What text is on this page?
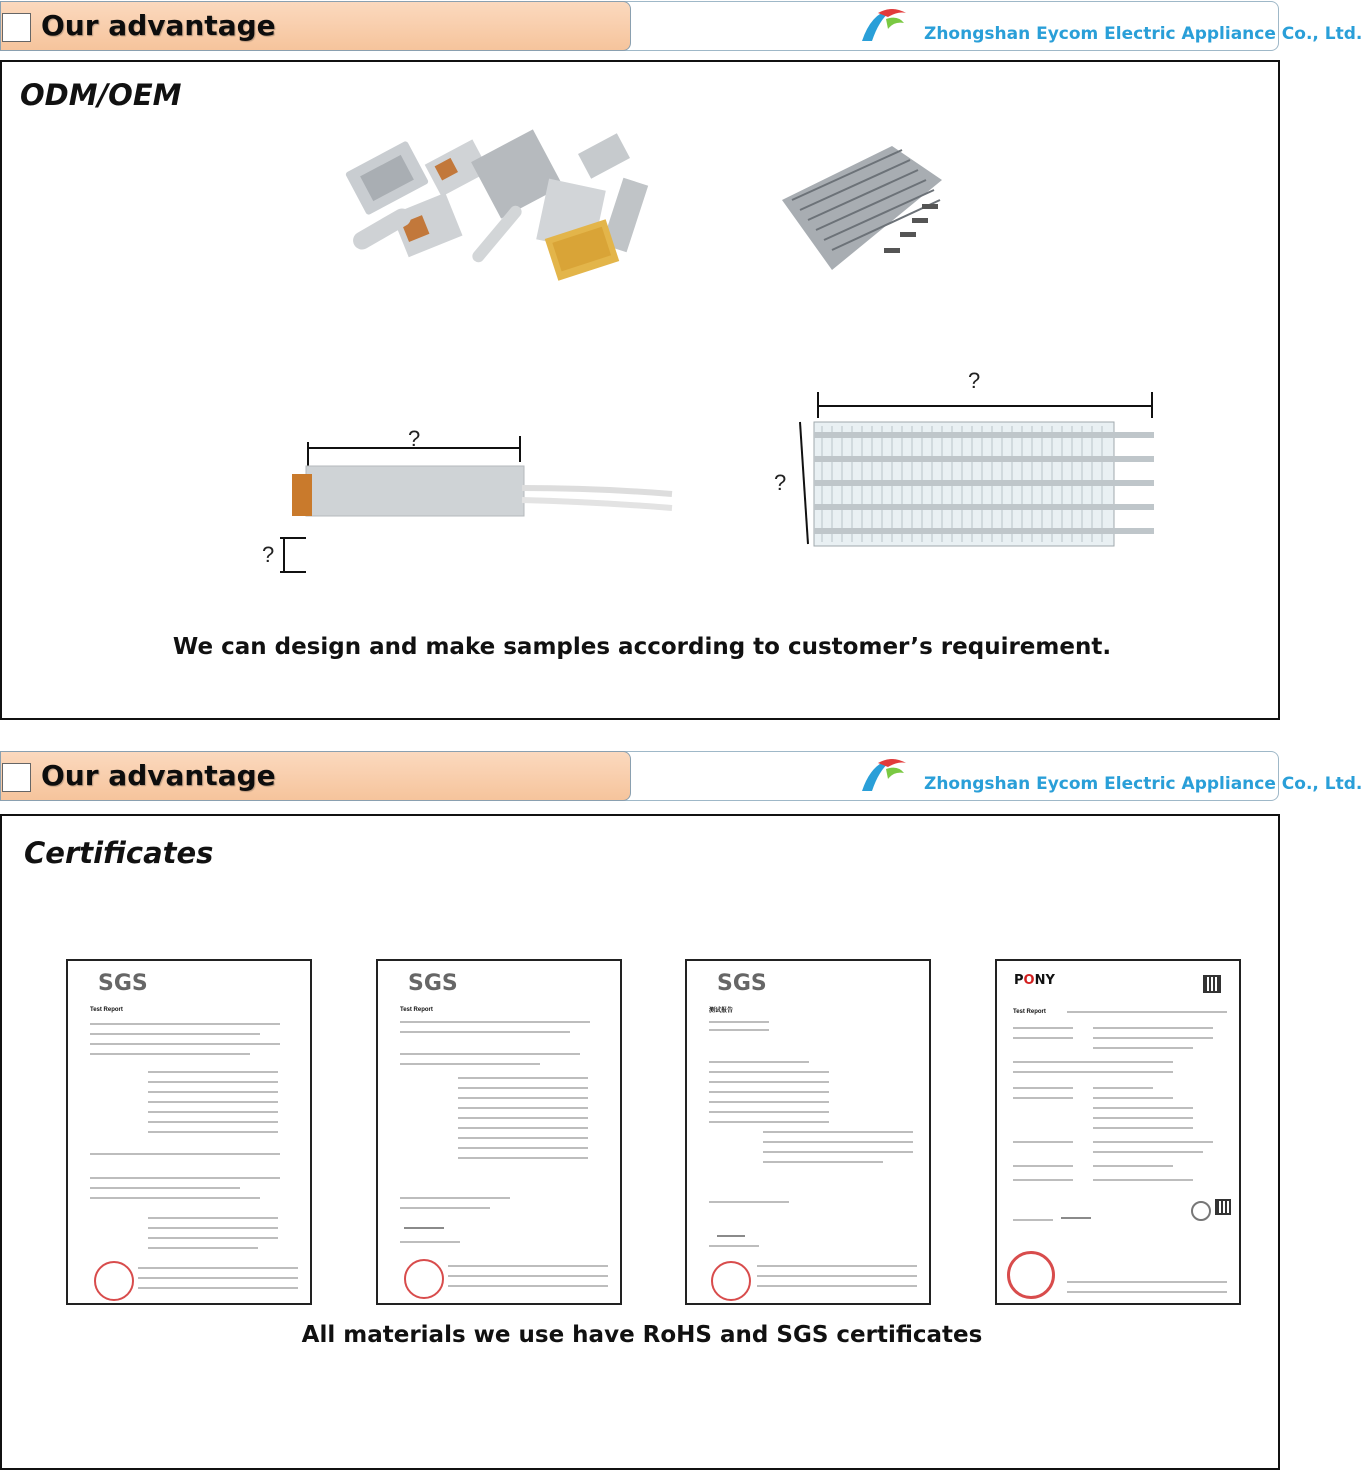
Our advantage	Zhongshan Eycom Electric Appliance Co., Ltd.
ODM/OEM
?
?
?
?
We can design and make samples according to customer’s requirement.
Our advantage	Zhongshan Eycom Electric Appliance Co., Ltd.
Certificates
SGS
Test Report
SGS
Test Report
SGS
测试报告
PONY
Test Report
All materials we use have RoHS and SGS certificates
